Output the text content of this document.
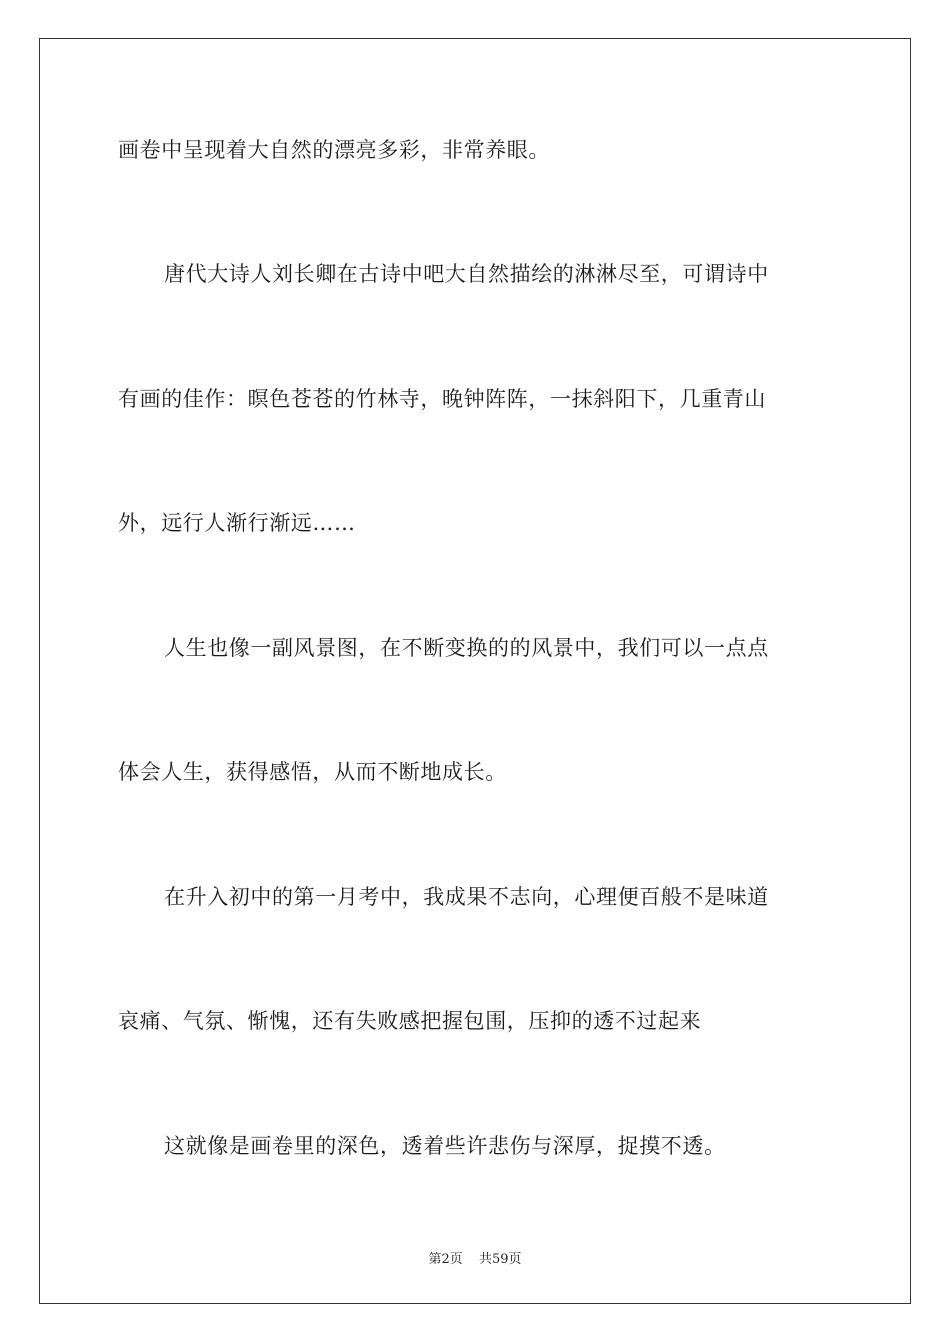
画卷中呈现着大自然的漂亮多彩，非常养眼。
唐代大诗人刘长卿在古诗中吧大自然描绘的淋淋尽至，可谓诗中
有画的佳作：暝色苍苍的竹林寺，晚钟阵阵，一抹斜阳下，几重青山
外，远行人渐行渐远……
人生也像一副风景图，在不断变换的的风景中，我们可以一点点
体会人生，获得感悟，从而不断地成长。
在升入初中的第一月考中，我成果不志向，心理便百般不是味道
哀痛、气氛、惭愧，还有失败感把握包围，压抑的透不过起来
这就像是画卷里的深色，透着些许悲伤与深厚，捉摸不透。
第2页 共59页
